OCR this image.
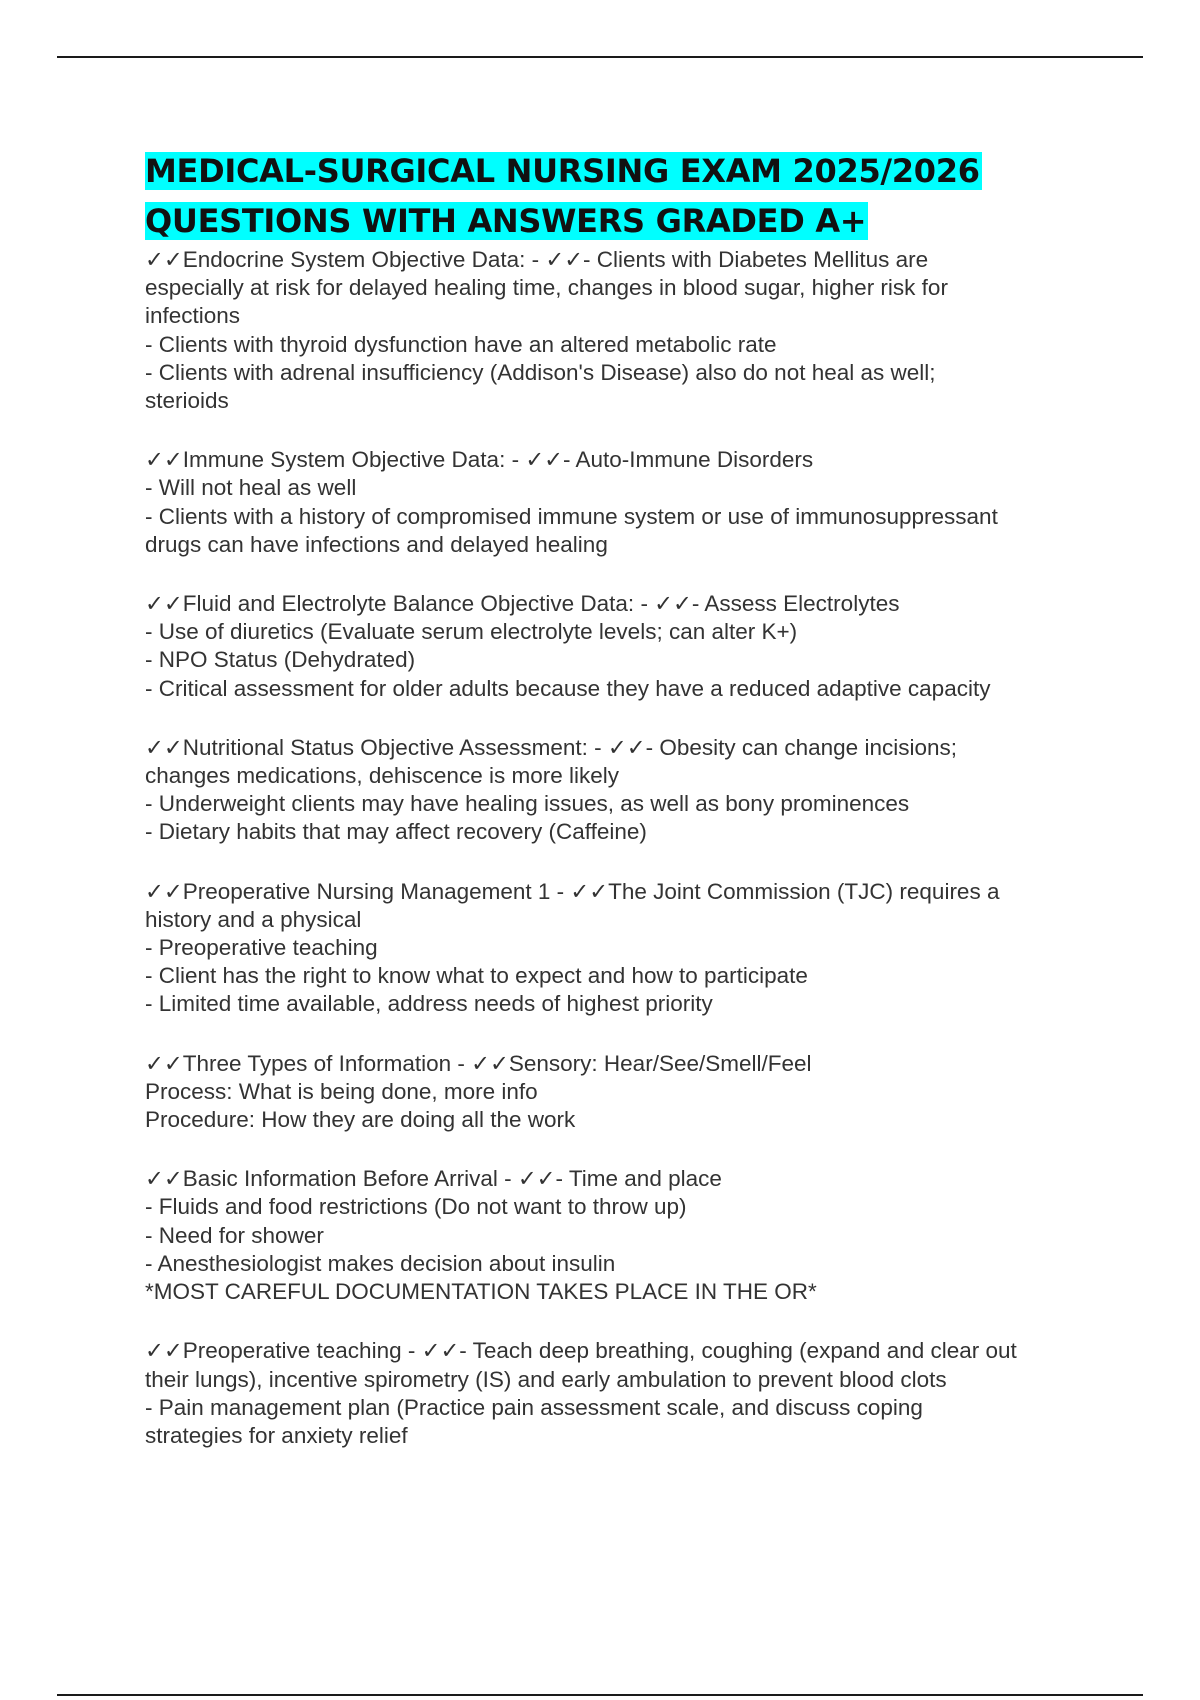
MEDICAL-SURGICAL NURSING EXAM 2025/2026 QUESTIONS WITH ANSWERS GRADED A+

✓✓Endocrine System Objective Data: - ✓✓- Clients with Diabetes Mellitus are
especially at risk for delayed healing time, changes in blood sugar, higher risk for
infections
- Clients with thyroid dysfunction have an altered metabolic rate
- Clients with adrenal insufficiency (Addison's Disease) also do not heal as well;
sterioids

✓✓Immune System Objective Data: - ✓✓- Auto-Immune Disorders
- Will not heal as well
- Clients with a history of compromised immune system or use of immunosuppressant
drugs can have infections and delayed healing

✓✓Fluid and Electrolyte Balance Objective Data: - ✓✓- Assess Electrolytes
- Use of diuretics (Evaluate serum electrolyte levels; can alter K+)
- NPO Status (Dehydrated)
- Critical assessment for older adults because they have a reduced adaptive capacity

✓✓Nutritional Status Objective Assessment: - ✓✓- Obesity can change incisions;
changes medications, dehiscence is more likely
- Underweight clients may have healing issues, as well as bony prominences
- Dietary habits that may affect recovery (Caffeine)

✓✓Preoperative Nursing Management 1 - ✓✓The Joint Commission (TJC) requires a
history and a physical
- Preoperative teaching
- Client has the right to know what to expect and how to participate
- Limited time available, address needs of highest priority

✓✓Three Types of Information - ✓✓Sensory: Hear/See/Smell/Feel
Process: What is being done, more info
Procedure: How they are doing all the work

✓✓Basic Information Before Arrival - ✓✓- Time and place
- Fluids and food restrictions (Do not want to throw up)
- Need for shower
- Anesthesiologist makes decision about insulin
*MOST CAREFUL DOCUMENTATION TAKES PLACE IN THE OR*

✓✓Preoperative teaching - ✓✓- Teach deep breathing, coughing (expand and clear out
their lungs), incentive spirometry (IS) and early ambulation to prevent blood clots
- Pain management plan (Practice pain assessment scale, and discuss coping
strategies for anxiety relief
